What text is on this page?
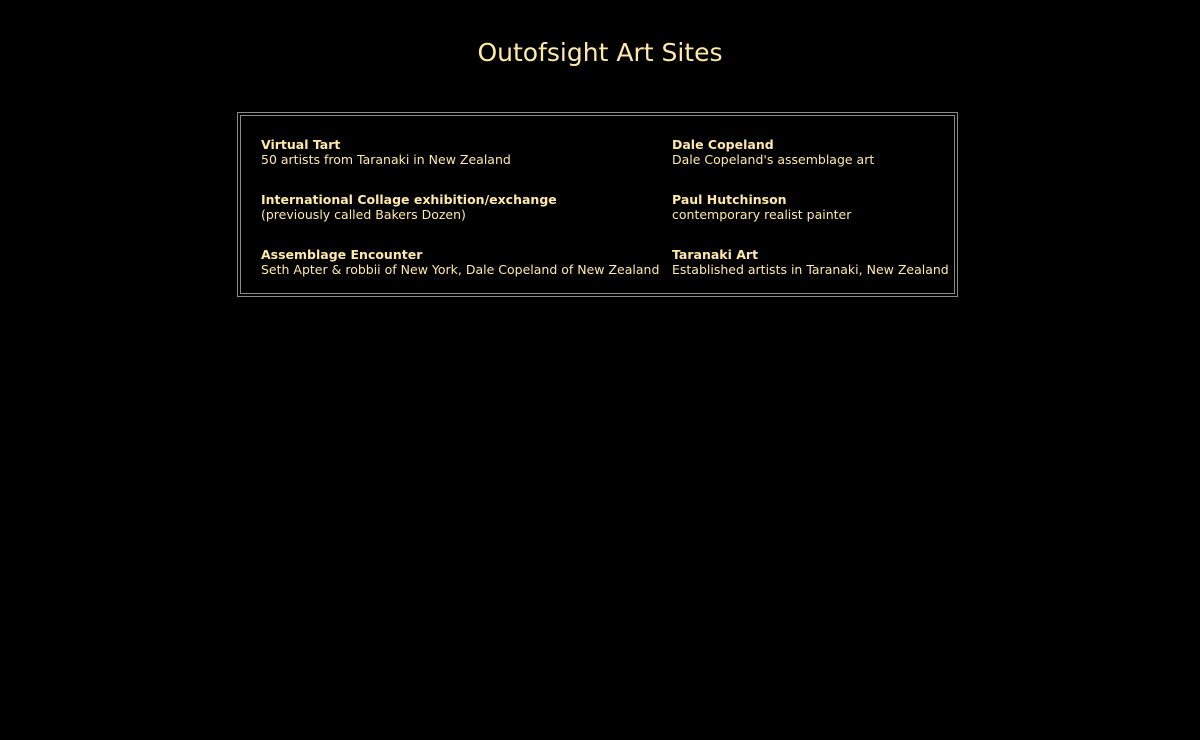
Outofsight Art Sites
Virtual Tart
50 artists from Taranaki in New Zealand
Dale Copeland
Dale Copeland's assemblage art
International Collage exhibition/exchange
(previously called Bakers Dozen)
Paul Hutchinson
contemporary realist painter
Assemblage Encounter
Seth Apter & robbii of New York, Dale Copeland of New Zealand
Taranaki Art
Established artists in Taranaki, New Zealand
